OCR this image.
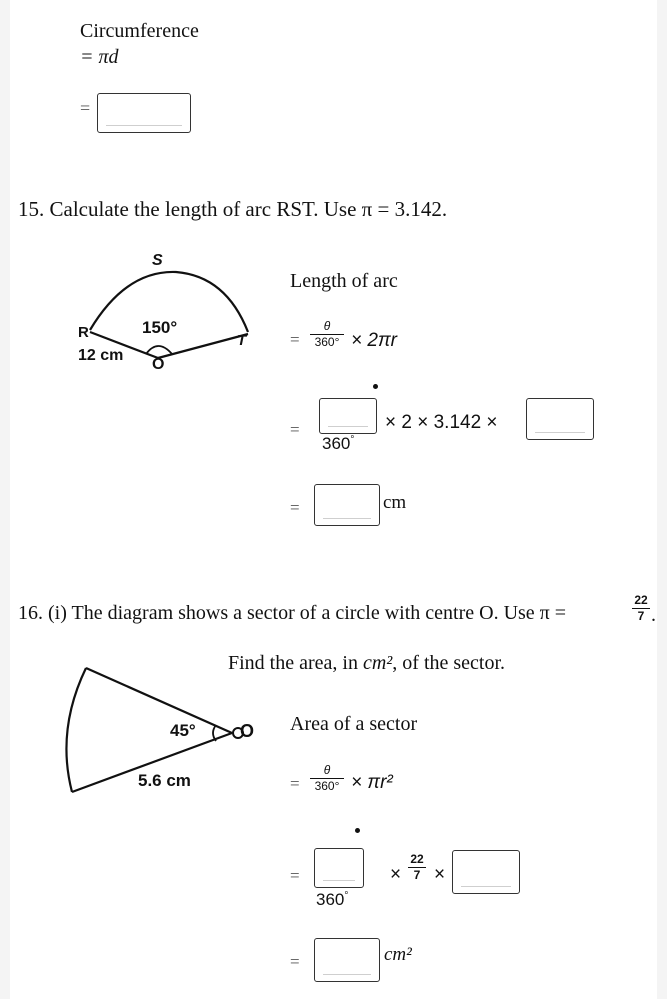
Circumference
= πd
=
15. Calculate the length of arc RST. Use π = 3.142.

S
R	T
O
150°
12 cm
Length of arc
=
θ
360° × 2πr
=
360°
× 2 × 3.142 ×
=	cm
16. (i) The diagram shows a sector of a circle with centre O. Use π =
22
7 .
Find the area, in cm², of the sector.
45° O
5.6 cm
Area of a sector
=
θ
360° × πr²
=
360°
×
22
7 ×
=	cm²
